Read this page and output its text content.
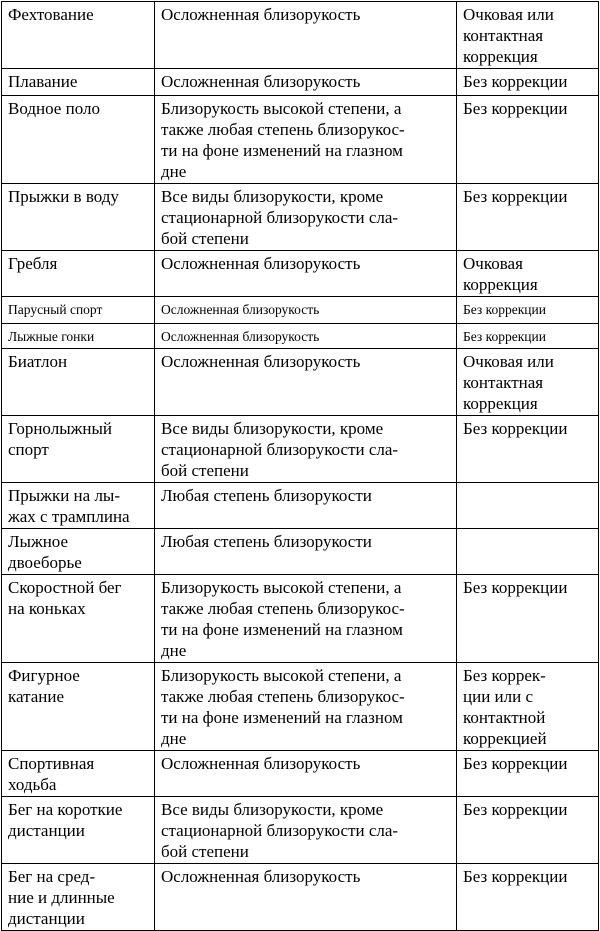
Фехтование	Осложненная близорукость	Очковая или
контактная
коррекция
Плавание	Осложненная близорукость	Без коррекции
Водное поло	Близорукость высокой степени, а
также любая степень близорукос-
ти на фоне изменений на глазном
дне	Без коррекции
Прыжки в воду	Все виды близорукости, кроме
стационарной близорукости сла-
бой степени	Без коррекции
Гребля	Осложненная близорукость	Очковая
коррекция
Парусный спорт	Осложненная близорукость	Без коррекции
Лыжные гонки	Осложненная близорукость	Без коррекции
Биатлон	Осложненная близорукость	Очковая или
контактная
коррекция
Горнолыжный
спорт	Все виды близорукости, кроме
стационарной близорукости сла-
бой степени	Без коррекции
Прыжки на лы-
жах с трамплина	Любая степень близорукости	
Лыжное
двоеборье	Любая степень близорукости	
Скоростной бег
на коньках	Близорукость высокой степени, а
также любая степень близорукос-
ти на фоне изменений на глазном
дне	Без коррекции
Фигурное
катание	Близорукость высокой степени, а
также любая степень близорукос-
ти на фоне изменений на глазном
дне	Без коррек-
ции или с
контактной
коррекцией
Спортивная
ходьба	Осложненная близорукость	Без коррекции
Бег на короткие
дистанции	Все виды близорукости, кроме
стационарной близорукости сла-
бой степени	Без коррекции
Бег на сред-
ние и длинные
дистанции	Осложненная близорукость	Без коррекции
